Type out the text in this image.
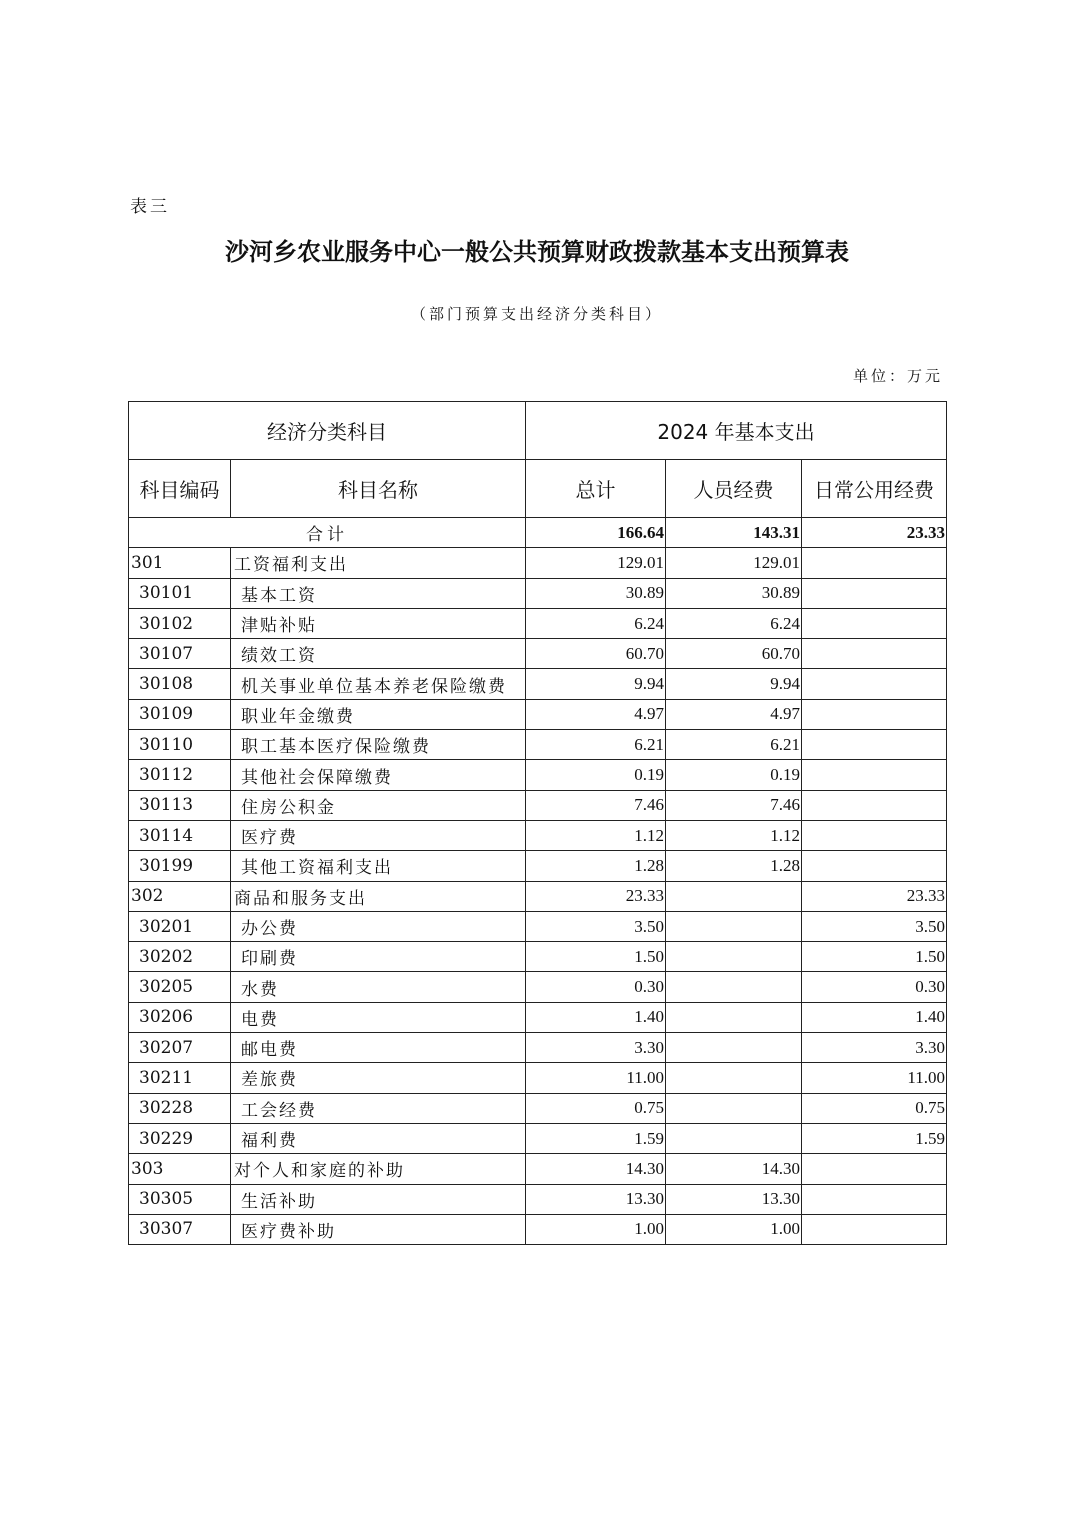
表三
沙河乡农业服务中心一般公共预算财政拨款基本支出预算表
（部门预算支出经济分类科目）
单位：万元
经济分类科目		2024 年基本支出		
科目编码	科目名称	总计	人员经费	日常公用经费
合计		166.64	143.31	23.33
301	工资福利支出	129.01	129.01	
30101	基本工资	30.89	30.89	
30102	津贴补贴	6.24	6.24	
30107	绩效工资	60.70	60.70	
30108	机关事业单位基本养老保险缴费	9.94	9.94	
30109	职业年金缴费	4.97	4.97	
30110	职工基本医疗保险缴费	6.21	6.21	
30112	其他社会保障缴费	0.19	0.19	
30113	住房公积金	7.46	7.46	
30114	医疗费	1.12	1.12	
30199	其他工资福利支出	1.28	1.28	
302	商品和服务支出	23.33		23.33
30201	办公费	3.50		3.50
30202	印刷费	1.50		1.50
30205	水费	0.30		0.30
30206	电费	1.40		1.40
30207	邮电费	3.30		3.30
30211	差旅费	11.00		11.00
30228	工会经费	0.75		0.75
30229	福利费	1.59		1.59
303	对个人和家庭的补助	14.30	14.30	
30305	生活补助	13.30	13.30	
30307	医疗费补助	1.00	1.00	
